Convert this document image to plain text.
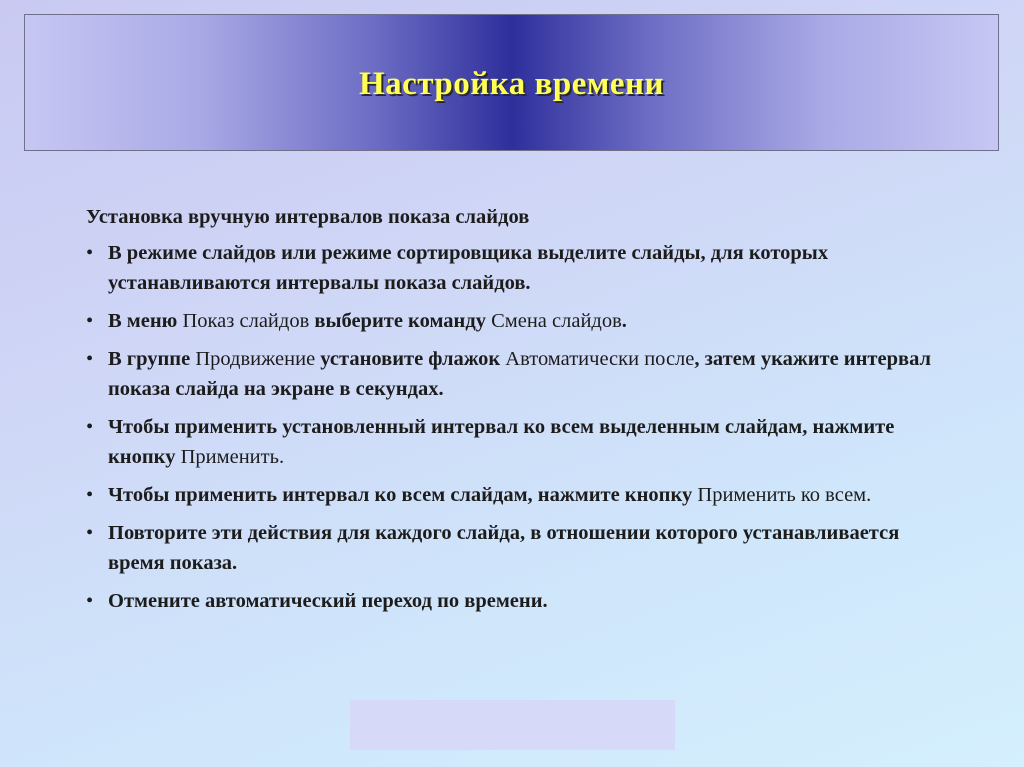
Настройка времени
Установка вручную интервалов показа слайдов
• В режиме слайдов или режиме сортировщика выделите слайды, для которых устанавливаются интервалы показа слайдов.
• В меню Показ слайдов выберите команду Смена слайдов.
• В группе Продвижение установите флажок Автоматически после, затем укажите интервал показа слайда на экране в секундах.
• Чтобы применить установленный интервал ко всем выделенным слайдам, нажмите кнопку Применить.
• Чтобы применить интервал ко всем слайдам, нажмите кнопку Применить ко всем.
• Повторите эти действия для каждого слайда, в отношении которого устанавливается время показа.
• Отмените автоматический переход по времени.
